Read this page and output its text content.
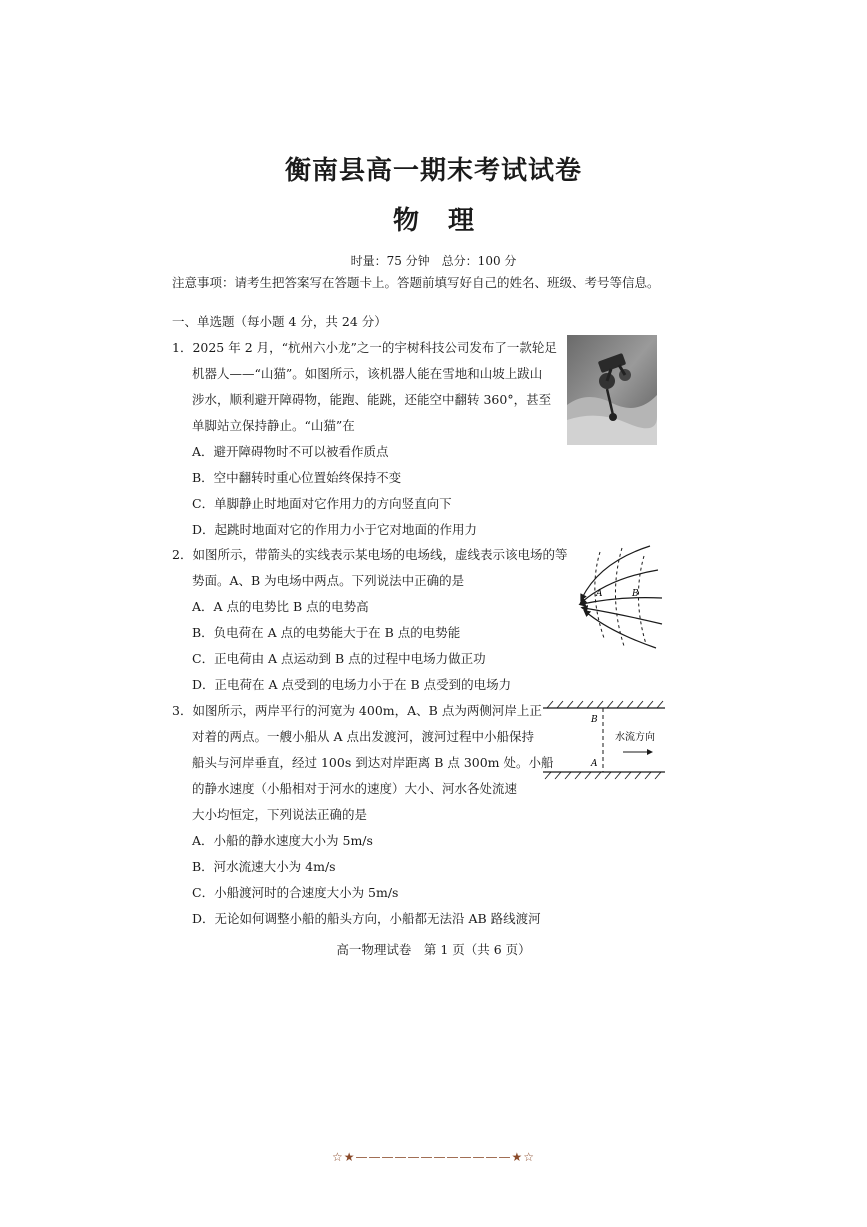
衡南县高一期末考试试卷
物 理
时量：75 分钟　总分：100 分
注意事项：请考生把答案写在答题卡上。答题前填写好自己的姓名、班级、考号等信息。
一、单选题（每小题 4 分，共 24 分）
1．2025 年 2 月，“杭州六小龙”之一的宇树科技公司发布了一款轮足
机器人——“山猫”。如图所示，该机器人能在雪地和山坡上跋山
涉水，顺利避开障碍物，能跑、能跳，还能空中翻转 360°，甚至
单脚站立保持静止。“山猫”在
A．避开障碍物时不可以被看作质点
B．空中翻转时重心位置始终保持不变
C．单脚静止时地面对它作用力的方向竖直向下
D．起跳时地面对它的作用力小于它对地面的作用力
2．如图所示，带箭头的实线表示某电场的电场线，虚线表示该电场的等
势面。A、B 为电场中两点。下列说法中正确的是
A．A 点的电势比 B 点的电势高
B．负电荷在 A 点的电势能大于在 B 点的电势能
C．正电荷由 A 点运动到 B 点的过程中电场力做正功
D．正电荷在 A 点受到的电场力小于在 B 点受到的电场力
A	B
3．如图所示，两岸平行的河宽为 400m，A、B 点为两侧河岸上正
对着的两点。一艘小船从 A 点出发渡河，渡河过程中小船保持
船头与河岸垂直，经过 100s 到达对岸距离 B 点 300m 处。小船
的静水速度（小船相对于河水的速度）大小、河水各处流速
大小均恒定，下列说法正确的是
A．小船的静水速度大小为 5m/s
B．河水流速大小为 4m/s
C．小船渡河时的合速度大小为 5m/s
D．无论如何调整小船的船头方向，小船都无法沿 AB 路线渡河
B
A
水流方向
高一物理试卷　第 1 页（共 6 页）
☆★————————————★☆
